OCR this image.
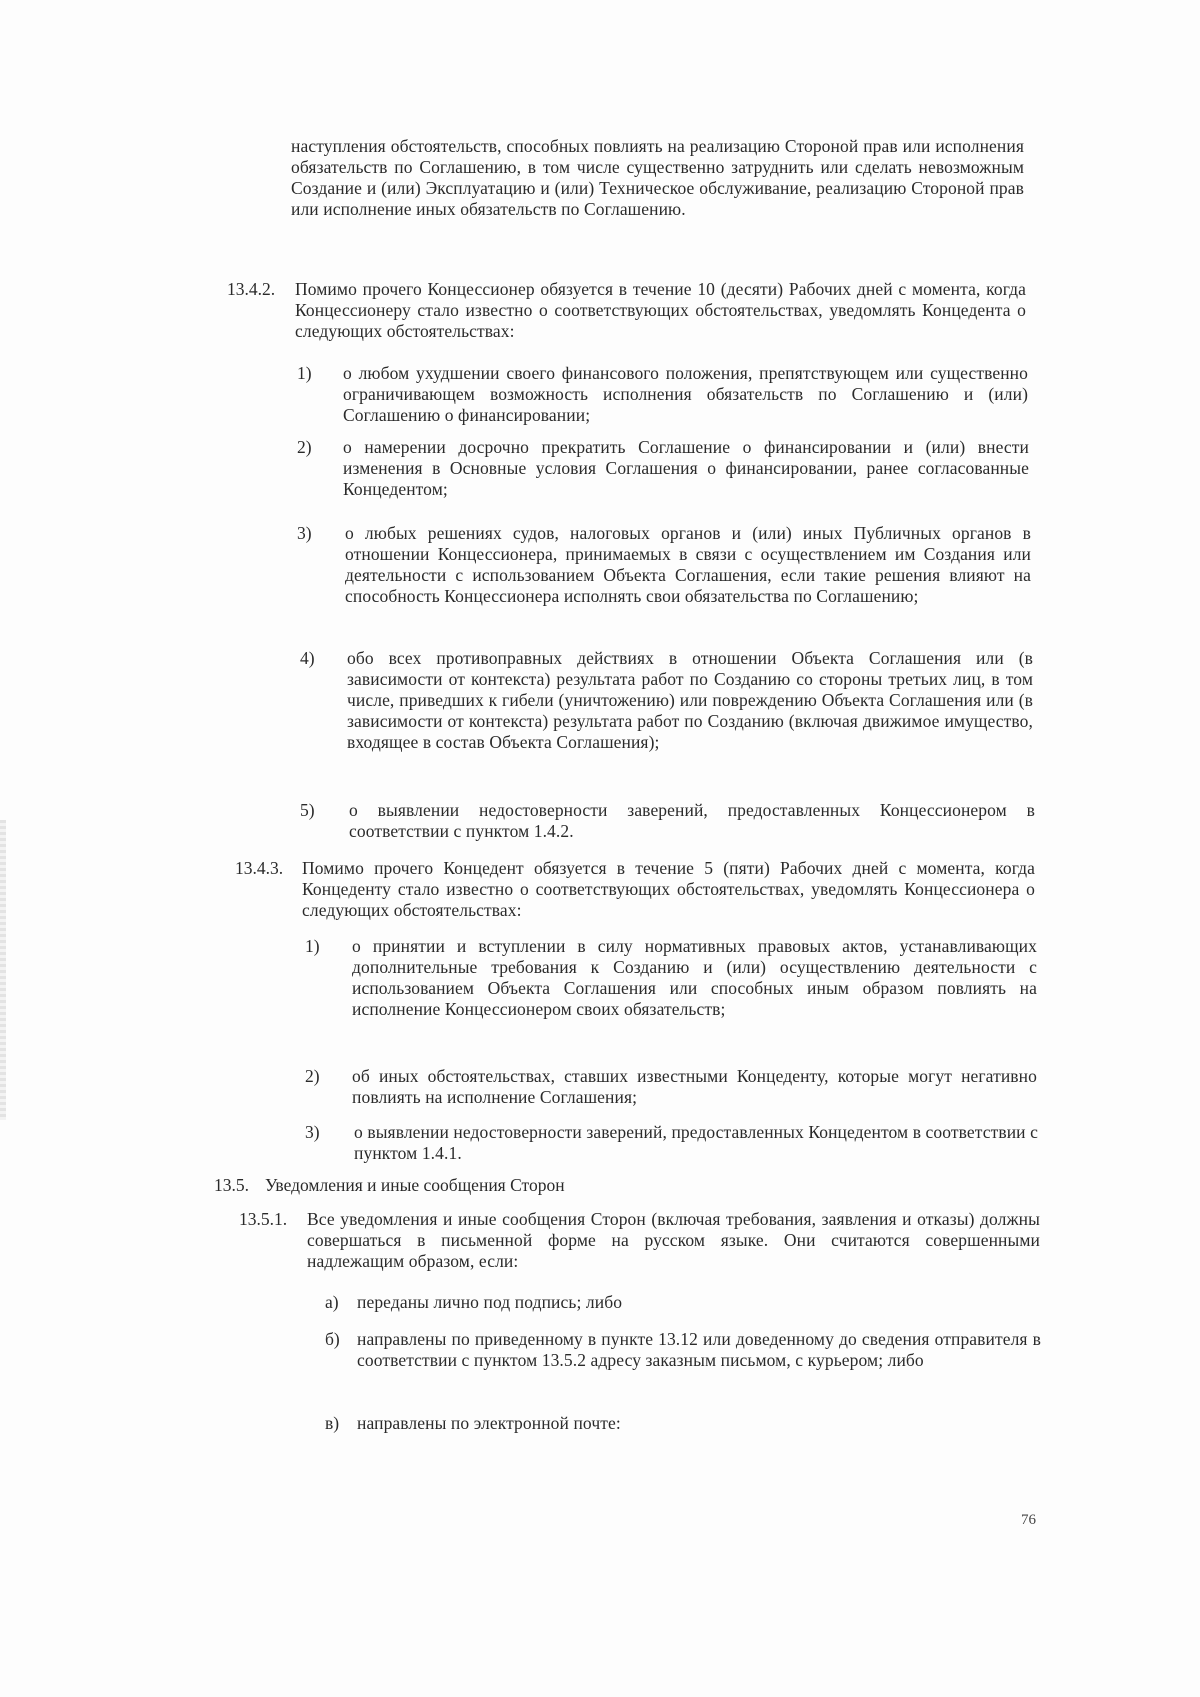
наступления обстоятельств, способных повлиять на реализацию Стороной прав или исполнения обязательств по Соглашению, в том числе существенно затруднить или сделать невозможным Создание и (или) Эксплуатацию и (или) Техническое обслуживание, реализацию Стороной прав или исполнение иных обязательств по Соглашению.
13.4.2. Помимо прочего Концессионер обязуется в течение 10 (десяти) Рабочих дней с момента, когда Концессионеру стало известно о соответствующих обстоятельствах, уведомлять Концедента о следующих обстоятельствах:
1) о любом ухудшении своего финансового положения, препятствующем или существенно ограничивающем возможность исполнения обязательств по Соглашению и (или) Соглашению о финансировании;
2) о намерении досрочно прекратить Соглашение о финансировании и (или) внести изменения в Основные условия Соглашения о финансировании, ранее согласованные Концедентом;
3) о любых решениях судов, налоговых органов и (или) иных Публичных органов в отношении Концессионера, принимаемых в связи с осуществлением им Создания или деятельности с использованием Объекта Соглашения, если такие решения влияют на способность Концессионера исполнять свои обязательства по Соглашению;
4) обо всех противоправных действиях в отношении Объекта Соглашения или (в зависимости от контекста) результата работ по Созданию со стороны третьих лиц, в том числе, приведших к гибели (уничтожению) или повреждению Объекта Соглашения или (в зависимости от контекста) результата работ по Созданию (включая движимое имущество, входящее в состав Объекта Соглашения);
5) о выявлении недостоверности заверений, предоставленных Концессионером в соответствии с пунктом 1.4.2.
13.4.3. Помимо прочего Концедент обязуется в течение 5 (пяти) Рабочих дней с момента, когда Концеденту стало известно о соответствующих обстоятельствах, уведомлять Концессионера о следующих обстоятельствах:
1) о принятии и вступлении в силу нормативных правовых актов, устанавливающих дополнительные требования к Созданию и (или) осуществлению деятельности с использованием Объекта Соглашения или способных иным образом повлиять на исполнение Концессионером своих обязательств;
2) об иных обстоятельствах, ставших известными Концеденту, которые могут негативно повлиять на исполнение Соглашения;
3) о выявлении недостоверности заверений, предоставленных Концедентом в соответствии с пунктом 1.4.1.
13.5. Уведомления и иные сообщения Сторон
13.5.1. Все уведомления и иные сообщения Сторон (включая требования, заявления и отказы) должны совершаться в письменной форме на русском языке. Они считаются совершенными надлежащим образом, если:
а) переданы лично под подпись; либо
б) направлены по приведенному в пункте 13.12 или доведенному до сведения отправителя в соответствии с пунктом 13.5.2 адресу заказным письмом, с курьером; либо
в) направлены по электронной почте:
76
